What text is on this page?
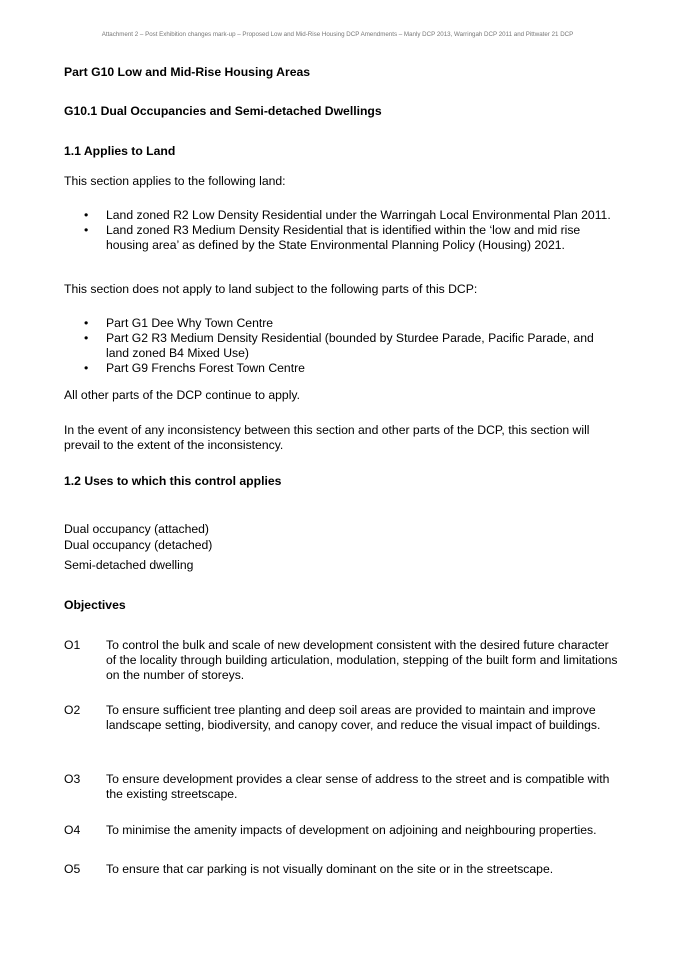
Attachment 2 – Post Exhibition changes mark-up – Proposed Low and Mid-Rise Housing DCP Amendments – Manly DCP 2013, Warringah DCP 2011 and Pittwater 21 DCP
Part G10 Low and Mid-Rise Housing Areas
G10.1 Dual Occupancies and Semi-detached Dwellings
1.1 Applies to Land

This section applies to the following land:

• Land zoned R2 Low Density Residential under the Warringah Local Environmental Plan 2011.
• Land zoned R3 Medium Density Residential that is identified within the ‘low and mid rise housing area’ as defined by the State Environmental Planning Policy (Housing) 2021.

This section does not apply to land subject to the following parts of this DCP:

• Part G1 Dee Why Town Centre
• Part G2 R3 Medium Density Residential (bounded by Sturdee Parade, Pacific Parade, and land zoned B4 Mixed Use)
• Part G9 Frenchs Forest Town Centre

All other parts of the DCP continue to apply.

In the event of any inconsistency between this section and other parts of the DCP, this section will prevail to the extent of the inconsistency.

1.2 Uses to which this control applies

Dual occupancy (attached)

Dual occupancy (detached)

Semi-detached dwelling

Objectives
O1 To control the bulk and scale of new development consistent with the desired future character of the locality through building articulation, modulation, stepping of the built form and limitations on the number of storeys.
O2 To ensure sufficient tree planting and deep soil areas are provided to maintain and improve landscape setting, biodiversity, and canopy cover, and reduce the visual impact of buildings.
O3 To ensure development provides a clear sense of address to the street and is compatible with the existing streetscape.
O4 To minimise the amenity impacts of development on adjoining and neighbouring properties.
O5 To ensure that car parking is not visually dominant on the site or in the streetscape.
